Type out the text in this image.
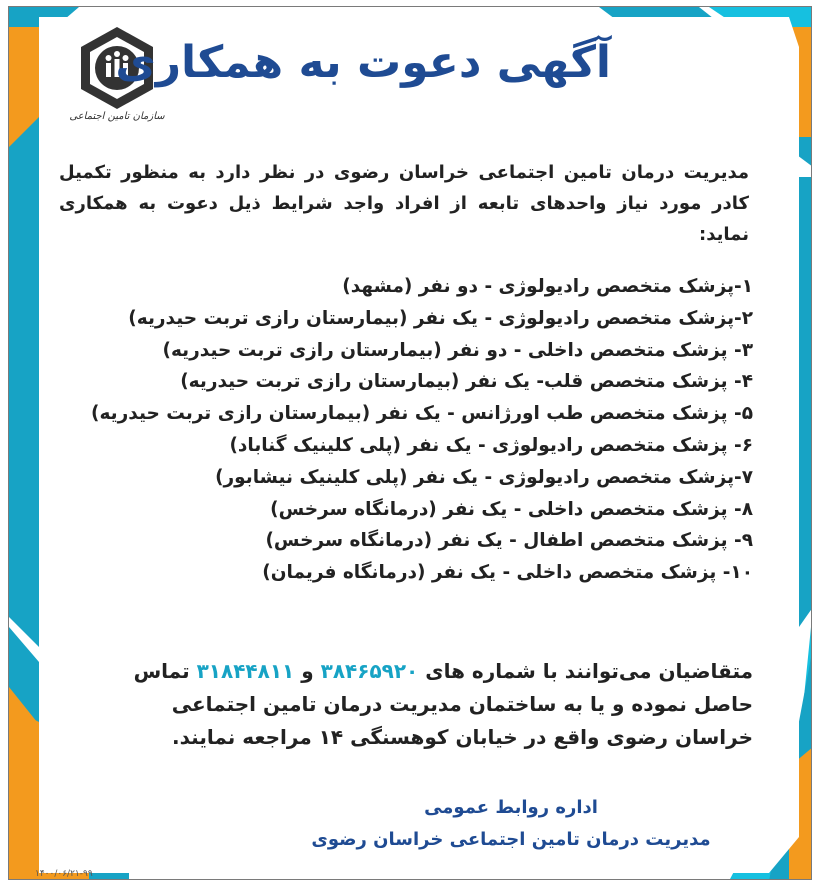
سازمان تامین اجتماعی
آگهی دعوت به همکاری
مدیریت درمان تامین اجتماعی خراسان رضوی در نظر دارد به منظور تکمیل کادر مورد نیاز واحدهای تابعه از افراد واجد شرایط ذیل دعوت به همکاری نماید:
۱-پزشک متخصص رادیولوژی - دو نفر (مشهد)
۲-پزشک متخصص رادیولوژی - یک نفر (بیمارستان رازی تربت حیدریه)
۳- پزشک متخصص داخلی - دو نفر (بیمارستان رازی تربت حیدریه)
۴- پزشک متخصص قلب- یک نفر (بیمارستان رازی تربت حیدریه)
۵- پزشک متخصص طب اورژانس - یک نفر (بیمارستان رازی تربت حیدریه)
۶- پزشک متخصص رادیولوژی - یک نفر (پلی کلینیک گناباد)
۷-پزشک متخصص رادیولوژی - یک نفر (پلی کلینیک نیشابور)
۸- پزشک متخصص داخلی - یک نفر (درمانگاه سرخس)
۹- پزشک متخصص اطفال - یک نفر (درمانگاه سرخس)
۱۰- پزشک متخصص داخلی - یک نفر (درمانگاه فریمان)
متقاضیان می‌توانند با شماره های ۳۸۴۶۵۹۲۰ و ۳۱۸۴۴۸۱۱ تماس حاصل نموده و یا به ساختمان مدیریت درمان تامین اجتماعی خراسان رضوی واقع در خیابان کوهسنگی ۱۴ مراجعه نمایند.
اداره روابط عمومی
مدیریت درمان تامین اجتماعی خراسان رضوی
۱۴۰۰/۰۶/۲۱-۹۹
